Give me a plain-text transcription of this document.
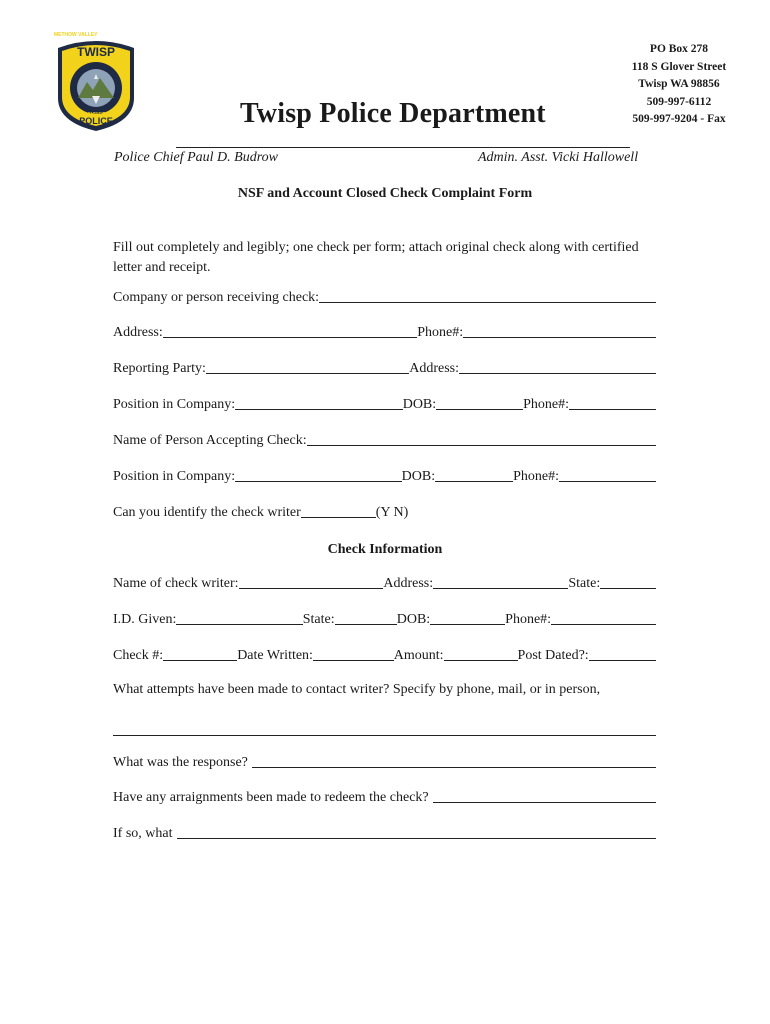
TWISP
METHOW VALLEY
WASHINGTON
POLICE	Twisp Police Department
PO Box 278
118 S Glover Street
Twisp WA 98856
509-997-6112
509-997-9204 - Fax
Police Chief Paul D. Budrow	Admin. Asst. Vicki Hallowell
NSF and Account Closed Check Complaint Form
Fill out completely and legibly; one check per form; attach original check along with certified letter and receipt.
Company or person receiving check:
Address:	Phone#:
Reporting Party:	Address:
Position in Company:	DOB:	Phone#:
Name of Person Accepting Check:
Position in Company:	DOB:	Phone#:
Can you identify the check writer	(Y N)
Check Information
Name of check writer:	Address:	State:
I.D. Given:	State:	DOB:	Phone#:
Check #:	Date Written:	Amount:	Post Dated?:
What attempts have been made to contact writer? Specify by phone, mail, or in person,
What was the response?
Have any arraignments been made to redeem the check?
If so, what
